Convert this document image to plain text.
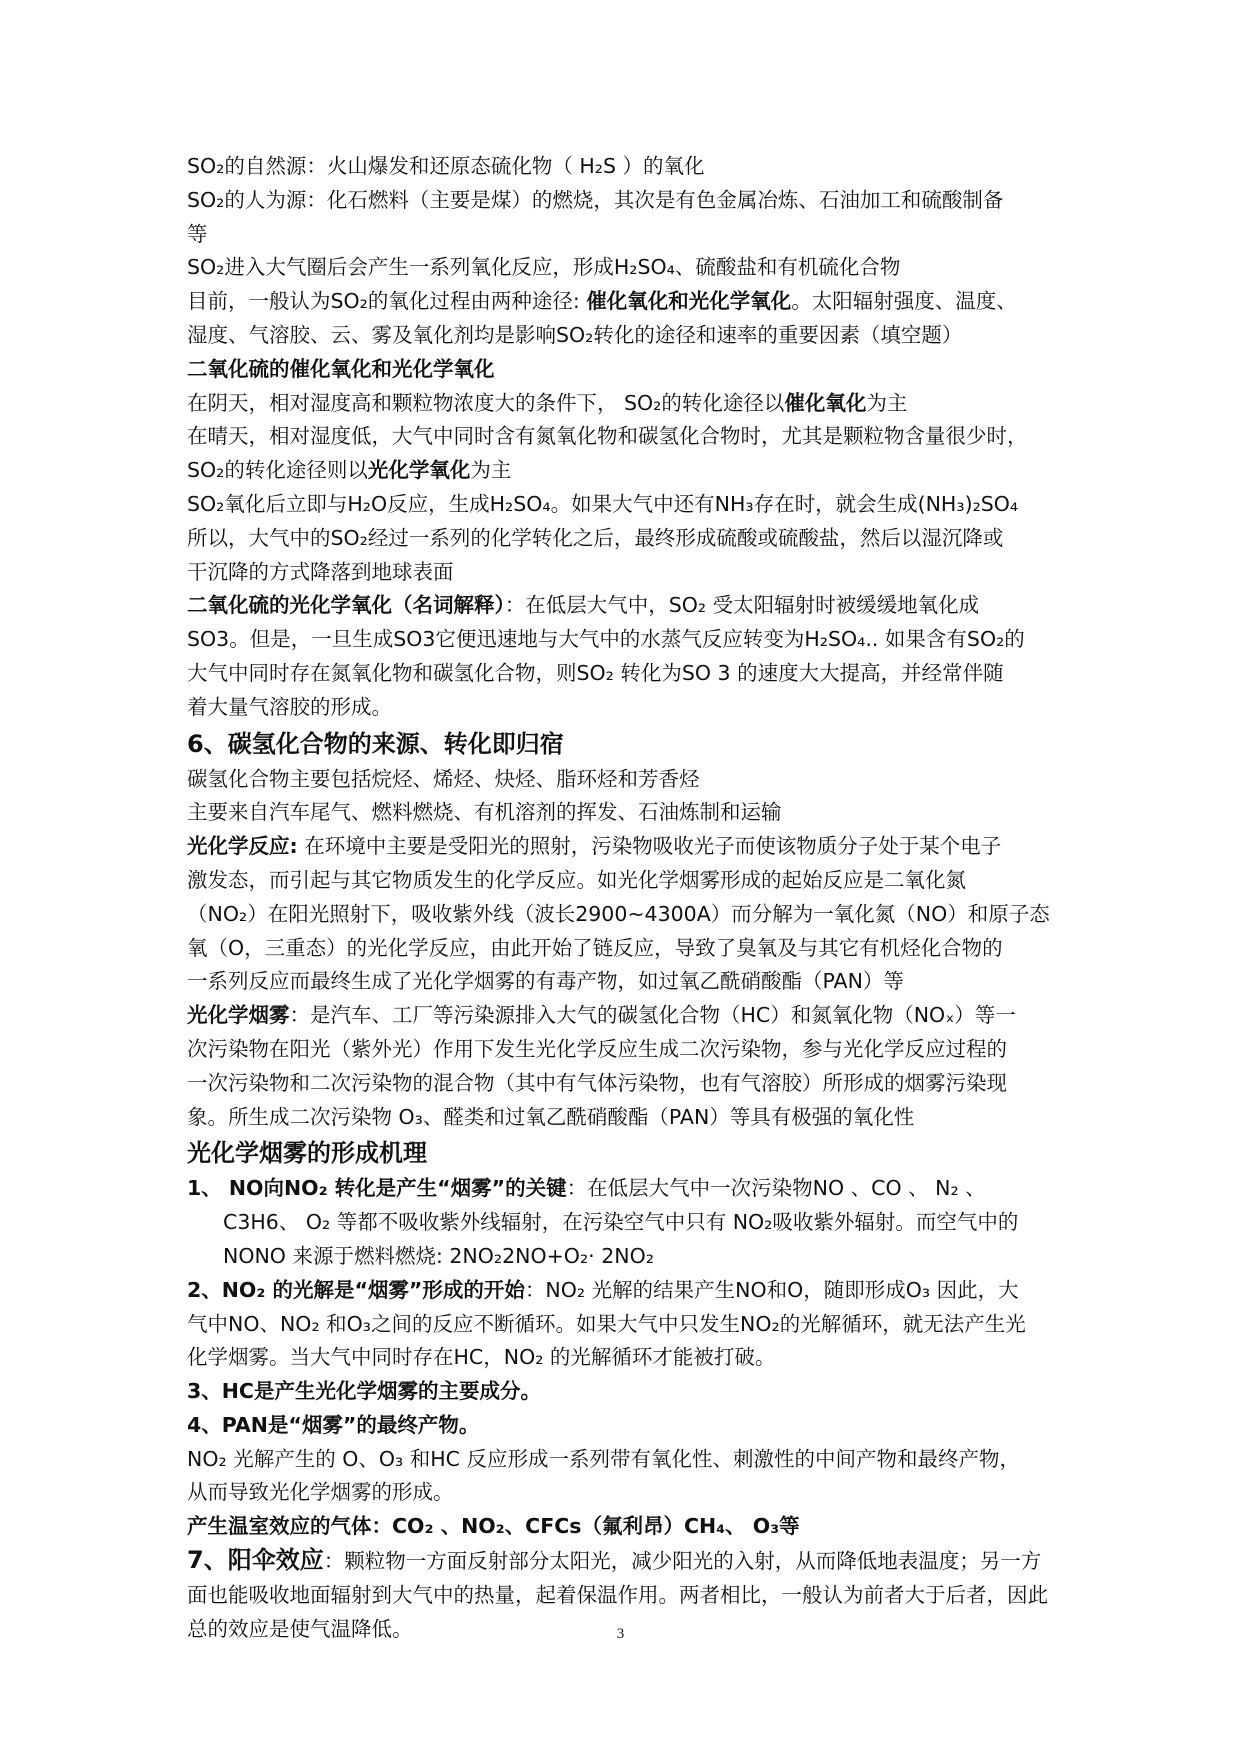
SO₂的自然源：火山爆发和还原态硫化物（ H₂S ）的氧化
SO₂的人为源：化石燃料（主要是煤）的燃烧，其次是有色金属冶炼、石油加工和硫酸制备
等
SO₂进入大气圈后会产生一系列氧化反应，形成H₂SO₄、硫酸盐和有机硫化合物
目前，一般认为SO₂的氧化过程由两种途径: 催化氧化和光化学氧化。太阳辐射强度、温度、
湿度、气溶胶、云、雾及氧化剂均是影响SO₂转化的途径和速率的重要因素（填空题）
二氧化硫的催化氧化和光化学氧化
在阴天，相对湿度高和颗粒物浓度大的条件下， SO₂的转化途径以催化氧化为主
在晴天，相对湿度低，大气中同时含有氮氧化物和碳氢化合物时，尤其是颗粒物含量很少时，
SO₂的转化途径则以光化学氧化为主
SO₂氧化后立即与H₂O反应，生成H₂SO₄。如果大气中还有NH₃存在时，就会生成(NH₃)₂SO₄
所以，大气中的SO₂经过一系列的化学转化之后，最终形成硫酸或硫酸盐，然后以湿沉降或
干沉降的方式降落到地球表面
二氧化硫的光化学氧化（名词解释）：在低层大气中，SO₂ 受太阳辐射时被缓缓地氧化成
SO3。但是，一旦生成SO3它便迅速地与大气中的水蒸气反应转变为H₂SO₄.. 如果含有SO₂的
大气中同时存在氮氧化物和碳氢化合物，则SO₂ 转化为SO 3 的速度大大提高，并经常伴随
着大量气溶胶的形成。
6、碳氢化合物的来源、转化即归宿
碳氢化合物主要包括烷烃、烯烃、炔烃、脂环烃和芳香烃
主要来自汽车尾气、燃料燃烧、有机溶剂的挥发、石油炼制和运输
光化学反应: 在环境中主要是受阳光的照射，污染物吸收光子而使该物质分子处于某个电子
激发态，而引起与其它物质发生的化学反应。如光化学烟雾形成的起始反应是二氧化氮
（NO₂）在阳光照射下，吸收紫外线（波长2900~4300A）而分解为一氧化氮（NO）和原子态
氧（O，三重态）的光化学反应，由此开始了链反应，导致了臭氧及与其它有机烃化合物的
一系列反应而最终生成了光化学烟雾的有毒产物，如过氧乙酰硝酸酯（PAN）等
光化学烟雾：是汽车、工厂等污染源排入大气的碳氢化合物（HC）和氮氧化物（NOₓ）等一
次污染物在阳光（紫外光）作用下发生光化学反应生成二次污染物，参与光化学反应过程的
一次污染物和二次污染物的混合物（其中有气体污染物，也有气溶胶）所形成的烟雾污染现
象。所生成二次污染物 O₃、醛类和过氧乙酰硝酸酯（PAN）等具有极强的氧化性
光化学烟雾的形成机理
1、 NO向NO₂ 转化是产生“烟雾”的关键：在低层大气中一次污染物NO 、CO 、 N₂ 、
C3H6、 O₂ 等都不吸收紫外线辐射，在污染空气中只有 NO₂吸收紫外辐射。而空气中的
NONO 来源于燃料燃烧: 2NO₂2NO+O₂· 2NO₂
2、NO₂ 的光解是“烟雾”形成的开始：NO₂ 光解的结果产生NO和O，随即形成O₃ 因此，大
气中NO、NO₂ 和O₃之间的反应不断循环。如果大气中只发生NO₂的光解循环，就无法产生光
化学烟雾。当大气中同时存在HC，NO₂ 的光解循环才能被打破。
3、HC是产生光化学烟雾的主要成分。
4、PAN是“烟雾”的最终产物。
NO₂ 光解产生的 O、O₃ 和HC 反应形成一系列带有氧化性、刺激性的中间产物和最终产物，
从而导致光化学烟雾的形成。
产生温室效应的气体：CO₂ 、NO₂、CFCs（氟利昂）CH₄、 O₃等
7、阳伞效应：颗粒物一方面反射部分太阳光，减少阳光的入射，从而降低地表温度；另一方面也能吸收地面辐射到大气中的热量，起着保温作用。两者相比，一般认为前者大于后者，因此总的效应是使气温降低。	3
